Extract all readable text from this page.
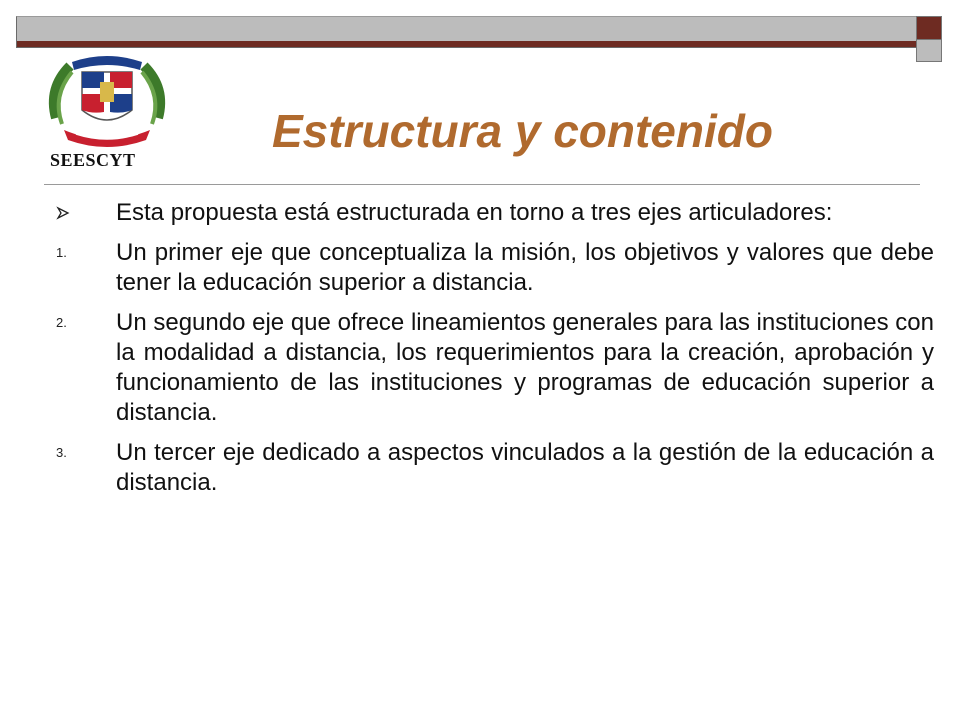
SEESCYT
Estructura y contenido
Esta propuesta está estructurada en torno a tres ejes articuladores:
1. Un primer eje que conceptualiza la misión, los objetivos y valores que debe tener la educación superior a distancia.
2. Un segundo eje que ofrece lineamientos generales para las instituciones con la modalidad a distancia, los requerimientos para la creación, aprobación y funcionamiento de las instituciones y programas de educación superior a distancia.
3. Un tercer eje dedicado a aspectos vinculados a la gestión de la educación a distancia.
